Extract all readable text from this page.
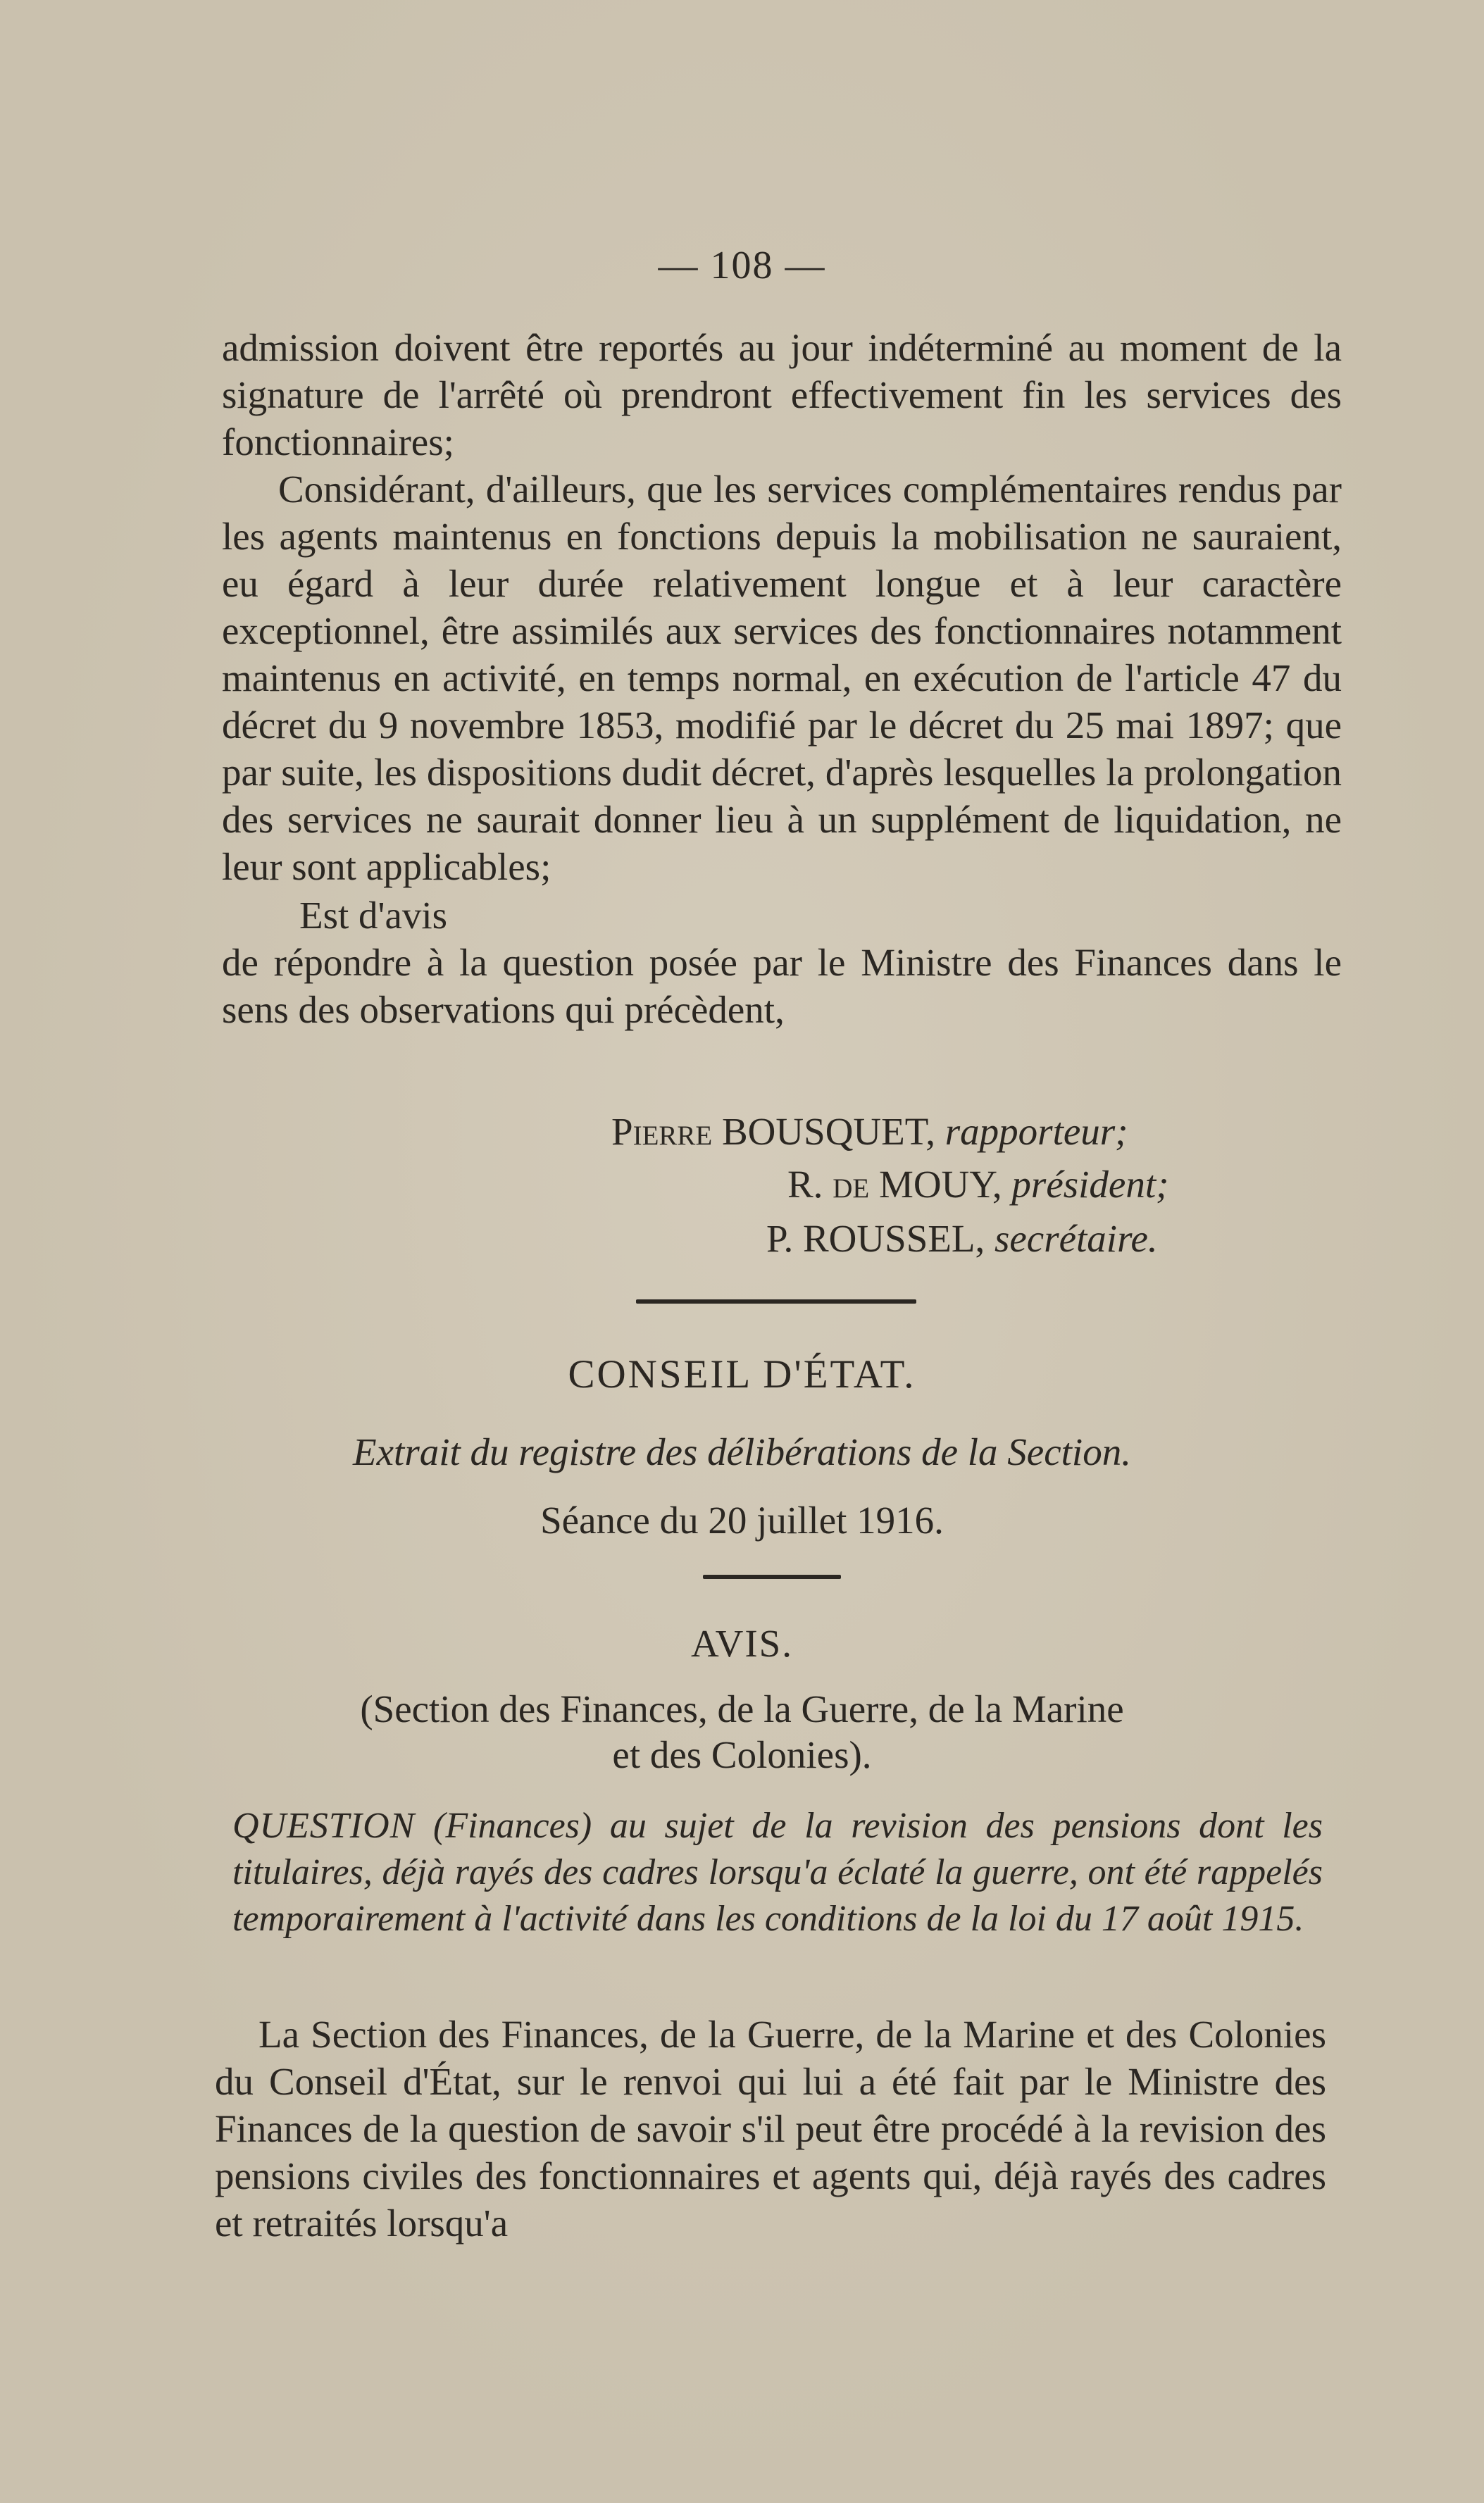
— 108 —

admission doivent être reportés au jour indéterminé au moment de la signature de l'arrêté où prendront effectivement fin les services des fonctionnaires;

Considérant, d'ailleurs, que les services complémentaires rendus par les agents maintenus en fonctions depuis la mobilisation ne sauraient, eu égard à leur durée relativement longue et à leur caractère exceptionnel, être assimilés aux services des fonctionnaires notamment maintenus en activité, en temps normal, en exécution de l'article 47 du décret du 9 novembre 1853, modifié par le décret du 25 mai 1897; que par suite, les dispositions dudit décret, d'après lesquelles la prolongation des services ne saurait donner lieu à un supplément de liquidation, ne leur sont applicables;

Est d'avis

de répondre à la question posée par le Ministre des Finances dans le sens des observations qui précèdent,

Pierre BOUSQUET, rapporteur;
R. de MOUY, président;
P. ROUSSEL, secrétaire.
CONSEIL D'ÉTAT.
Extrait du registre des délibérations de la Section.
Séance du 20 juillet 1916.
AVIS.
(Section des Finances, de la Guerre, de la Marine
et des Colonies).

QUESTION (Finances) au sujet de la revision des pensions dont les titulaires, déjà rayés des cadres lorsqu'a éclaté la guerre, ont été rappelés temporairement à l'activité dans les conditions de la loi du 17 août 1915.

La Section des Finances, de la Guerre, de la Marine et des Colonies du Conseil d'État, sur le renvoi qui lui a été fait par le Ministre des Finances de la question de savoir s'il peut être procédé à la revision des pensions civiles des fonctionnaires et agents qui, déjà rayés des cadres et retraités lorsqu'a
